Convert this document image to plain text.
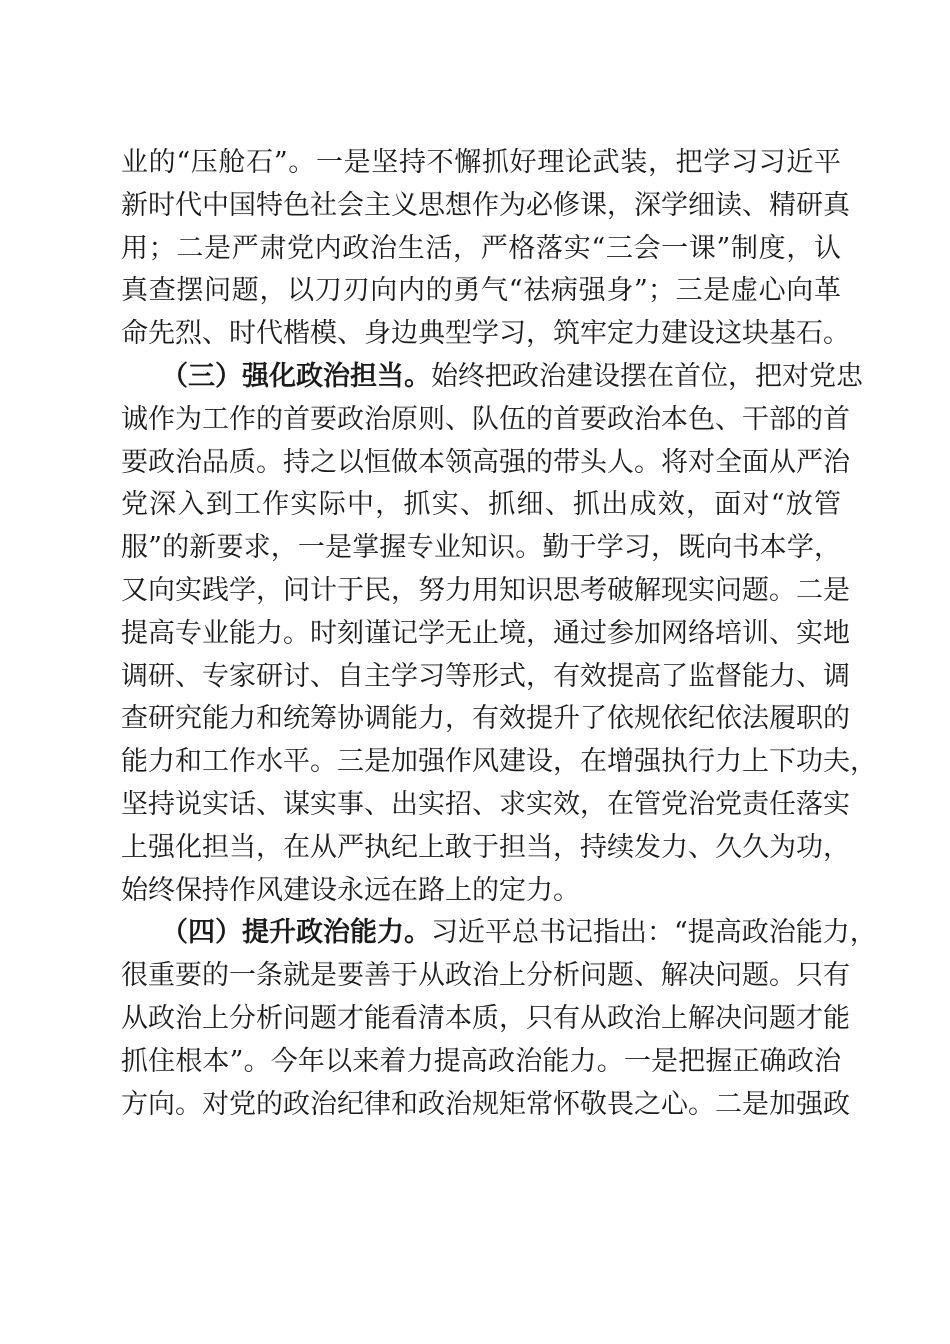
业的“压舱石”。一是坚持不懈抓好理论武装，把学习习近平
新时代中国特色社会主义思想作为必修课，深学细读、精研真
用；二是严肃党内政治生活，严格落实“三会一课”制度，认
真查摆问题，以刀刃向内的勇气“祛病强身”；三是虚心向革
命先烈、时代楷模、身边典型学习，筑牢定力建设这块基石。
（三）强化政治担当。始终把政治建设摆在首位，把对党忠
诚作为工作的首要政治原则、队伍的首要政治本色、干部的首
要政治品质。持之以恒做本领高强的带头人。将对全面从严治
党深入到工作实际中，抓实、抓细、抓出成效，面对“放管
服”的新要求，一是掌握专业知识。勤于学习，既向书本学，
又向实践学，问计于民，努力用知识思考破解现实问题。二是
提高专业能力。时刻谨记学无止境，通过参加网络培训、实地
调研、专家研讨、自主学习等形式，有效提高了监督能力、调
查研究能力和统筹协调能力，有效提升了依规依纪依法履职的
能力和工作水平。三是加强作风建设，在增强执行力上下功夫，
坚持说实话、谋实事、出实招、求实效，在管党治党责任落实
上强化担当，在从严执纪上敢于担当，持续发力、久久为功，
始终保持作风建设永远在路上的定力。
（四）提升政治能力。习近平总书记指出：“提高政治能力，
很重要的一条就是要善于从政治上分析问题、解决问题。只有
从政治上分析问题才能看清本质，只有从政治上解决问题才能
抓住根本”。今年以来着力提高政治能力。一是把握正确政治
方向。对党的政治纪律和政治规矩常怀敬畏之心。二是加强政
